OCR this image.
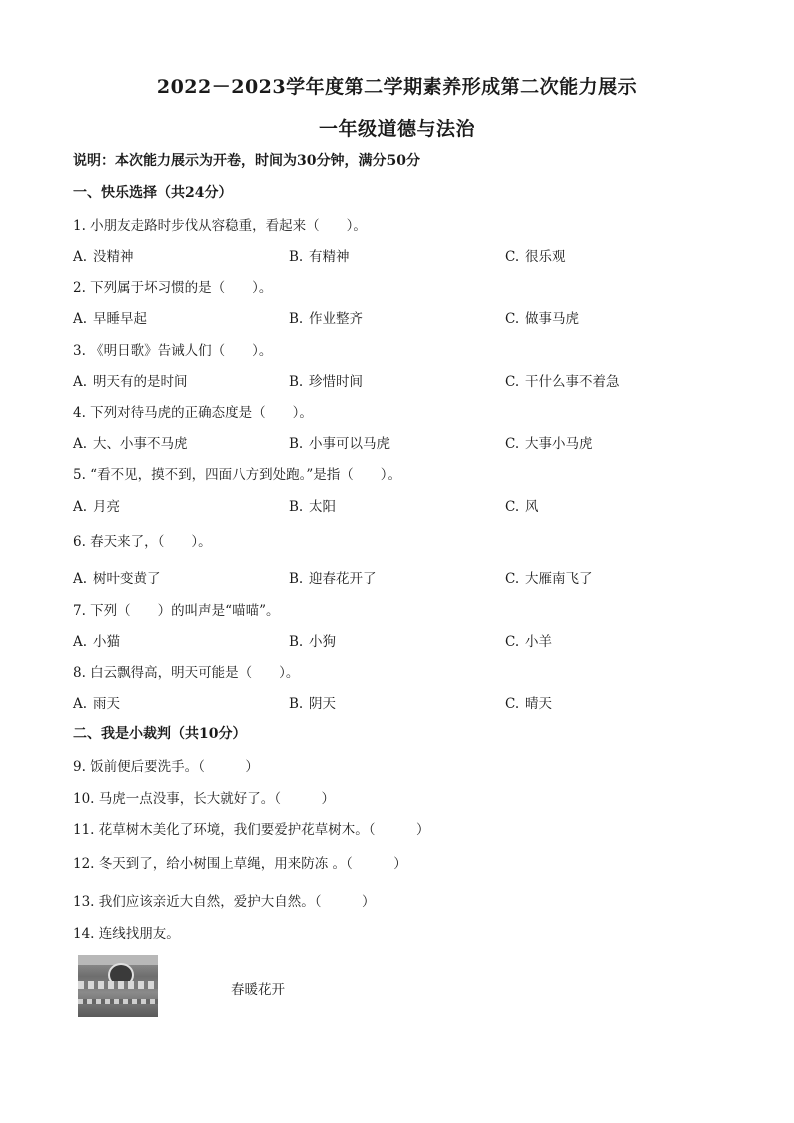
2022－2023学年度第二学期素养形成第二次能力展示
一年级道德与法治
说明：本次能力展示为开卷，时间为30分钟，满分50分
一、快乐选择（共24分）
1. 小朋友走路时步伐从容稳重，看起来（　　）。
A. 没精神	B. 有精神	C. 很乐观
2. 下列属于坏习惯的是（　　）。
A. 早睡早起	B. 作业整齐	C. 做事马虎
3. 《明日歌》告诫人们（　　）。
A. 明天有的是时间	B. 珍惜时间	C. 干什么事不着急
4. 下列对待马虎的正确态度是（　　）。
A. 大、小事不马虎	B. 小事可以马虎	C. 大事小马虎
5. “看不见，摸不到，四面八方到处跑。”是指（　　）。
A. 月亮	B. 太阳	C. 风
6. 春天来了，（　　）。
A. 树叶变黄了	B. 迎春花开了	C. 大雁南飞了
7. 下列（　　）的叫声是“喵喵”。
A. 小猫	B. 小狗	C. 小羊
8. 白云飘得高，明天可能是（　　）。
A. 雨天	B. 阴天	C. 晴天
二、我是小裁判（共10分）
9. 饭前便后要洗手。（　　　）
10. 马虎一点没事，长大就好了。（　　　）
11. 花草树木美化了环境，我们要爱护花草树木。（　　　）
12. 冬天到了，给小树围上草绳，用来防冻 。（　　　）
13. 我们应该亲近大自然，爱护大自然。（　　　）
14. 连线找朋友。
春暖花开
